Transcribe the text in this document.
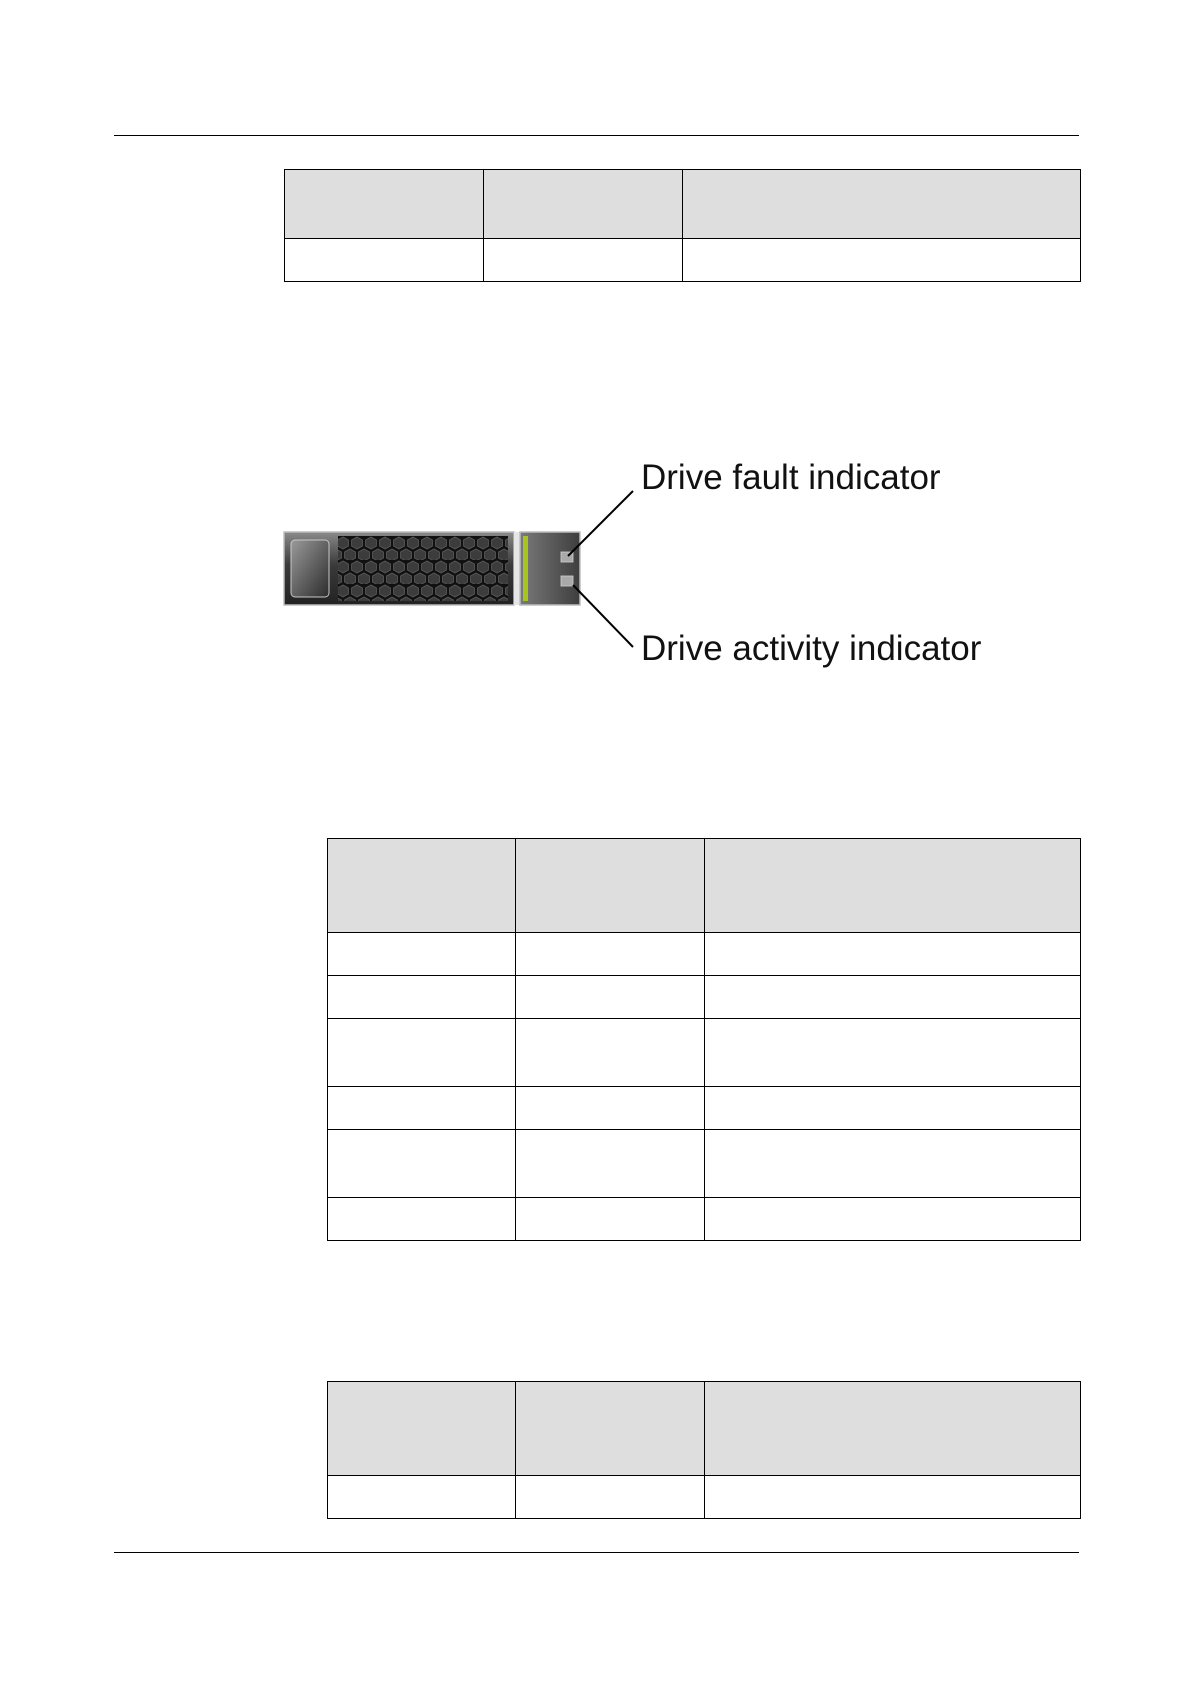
Drive fault indicator
Drive activity indicator
